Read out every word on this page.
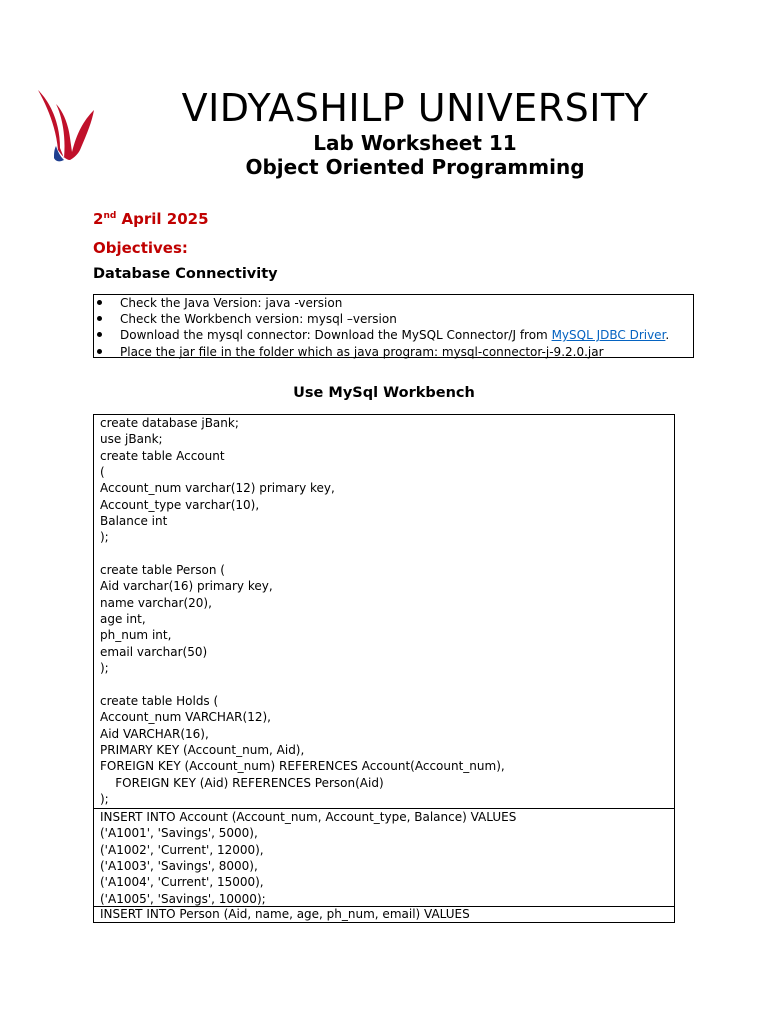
VIDYASHILP UNIVERSITY
Lab Worksheet 11
Object Oriented Programming
2nd April 2025
Objectives:
Database Connectivity
Check the Java Version: java -version
Check the Workbench version: mysql –version
Download the mysql connector: Download the MySQL Connector/J from MySQL JDBC Driver.
Place the jar file in the folder which as java program: mysql-connector-j-9.2.0.jar
Use MySql Workbench
create database jBank;
use jBank;
create table Account
(
Account_num varchar(12) primary key,
Account_type varchar(10),
Balance int
);
create table Person (
Aid varchar(16) primary key,
name varchar(20),
age int,
ph_num int,
email varchar(50)
);
create table Holds (
Account_num VARCHAR(12),
Aid VARCHAR(16),
PRIMARY KEY (Account_num, Aid),
FOREIGN KEY (Account_num) REFERENCES Account(Account_num),
FOREIGN KEY (Aid) REFERENCES Person(Aid)
);
INSERT INTO Account (Account_num, Account_type, Balance) VALUES
('A1001', 'Savings', 5000),
('A1002', 'Current', 12000),
('A1003', 'Savings', 8000),
('A1004', 'Current', 15000),
('A1005', 'Savings', 10000);
INSERT INTO Person (Aid, name, age, ph_num, email) VALUES
